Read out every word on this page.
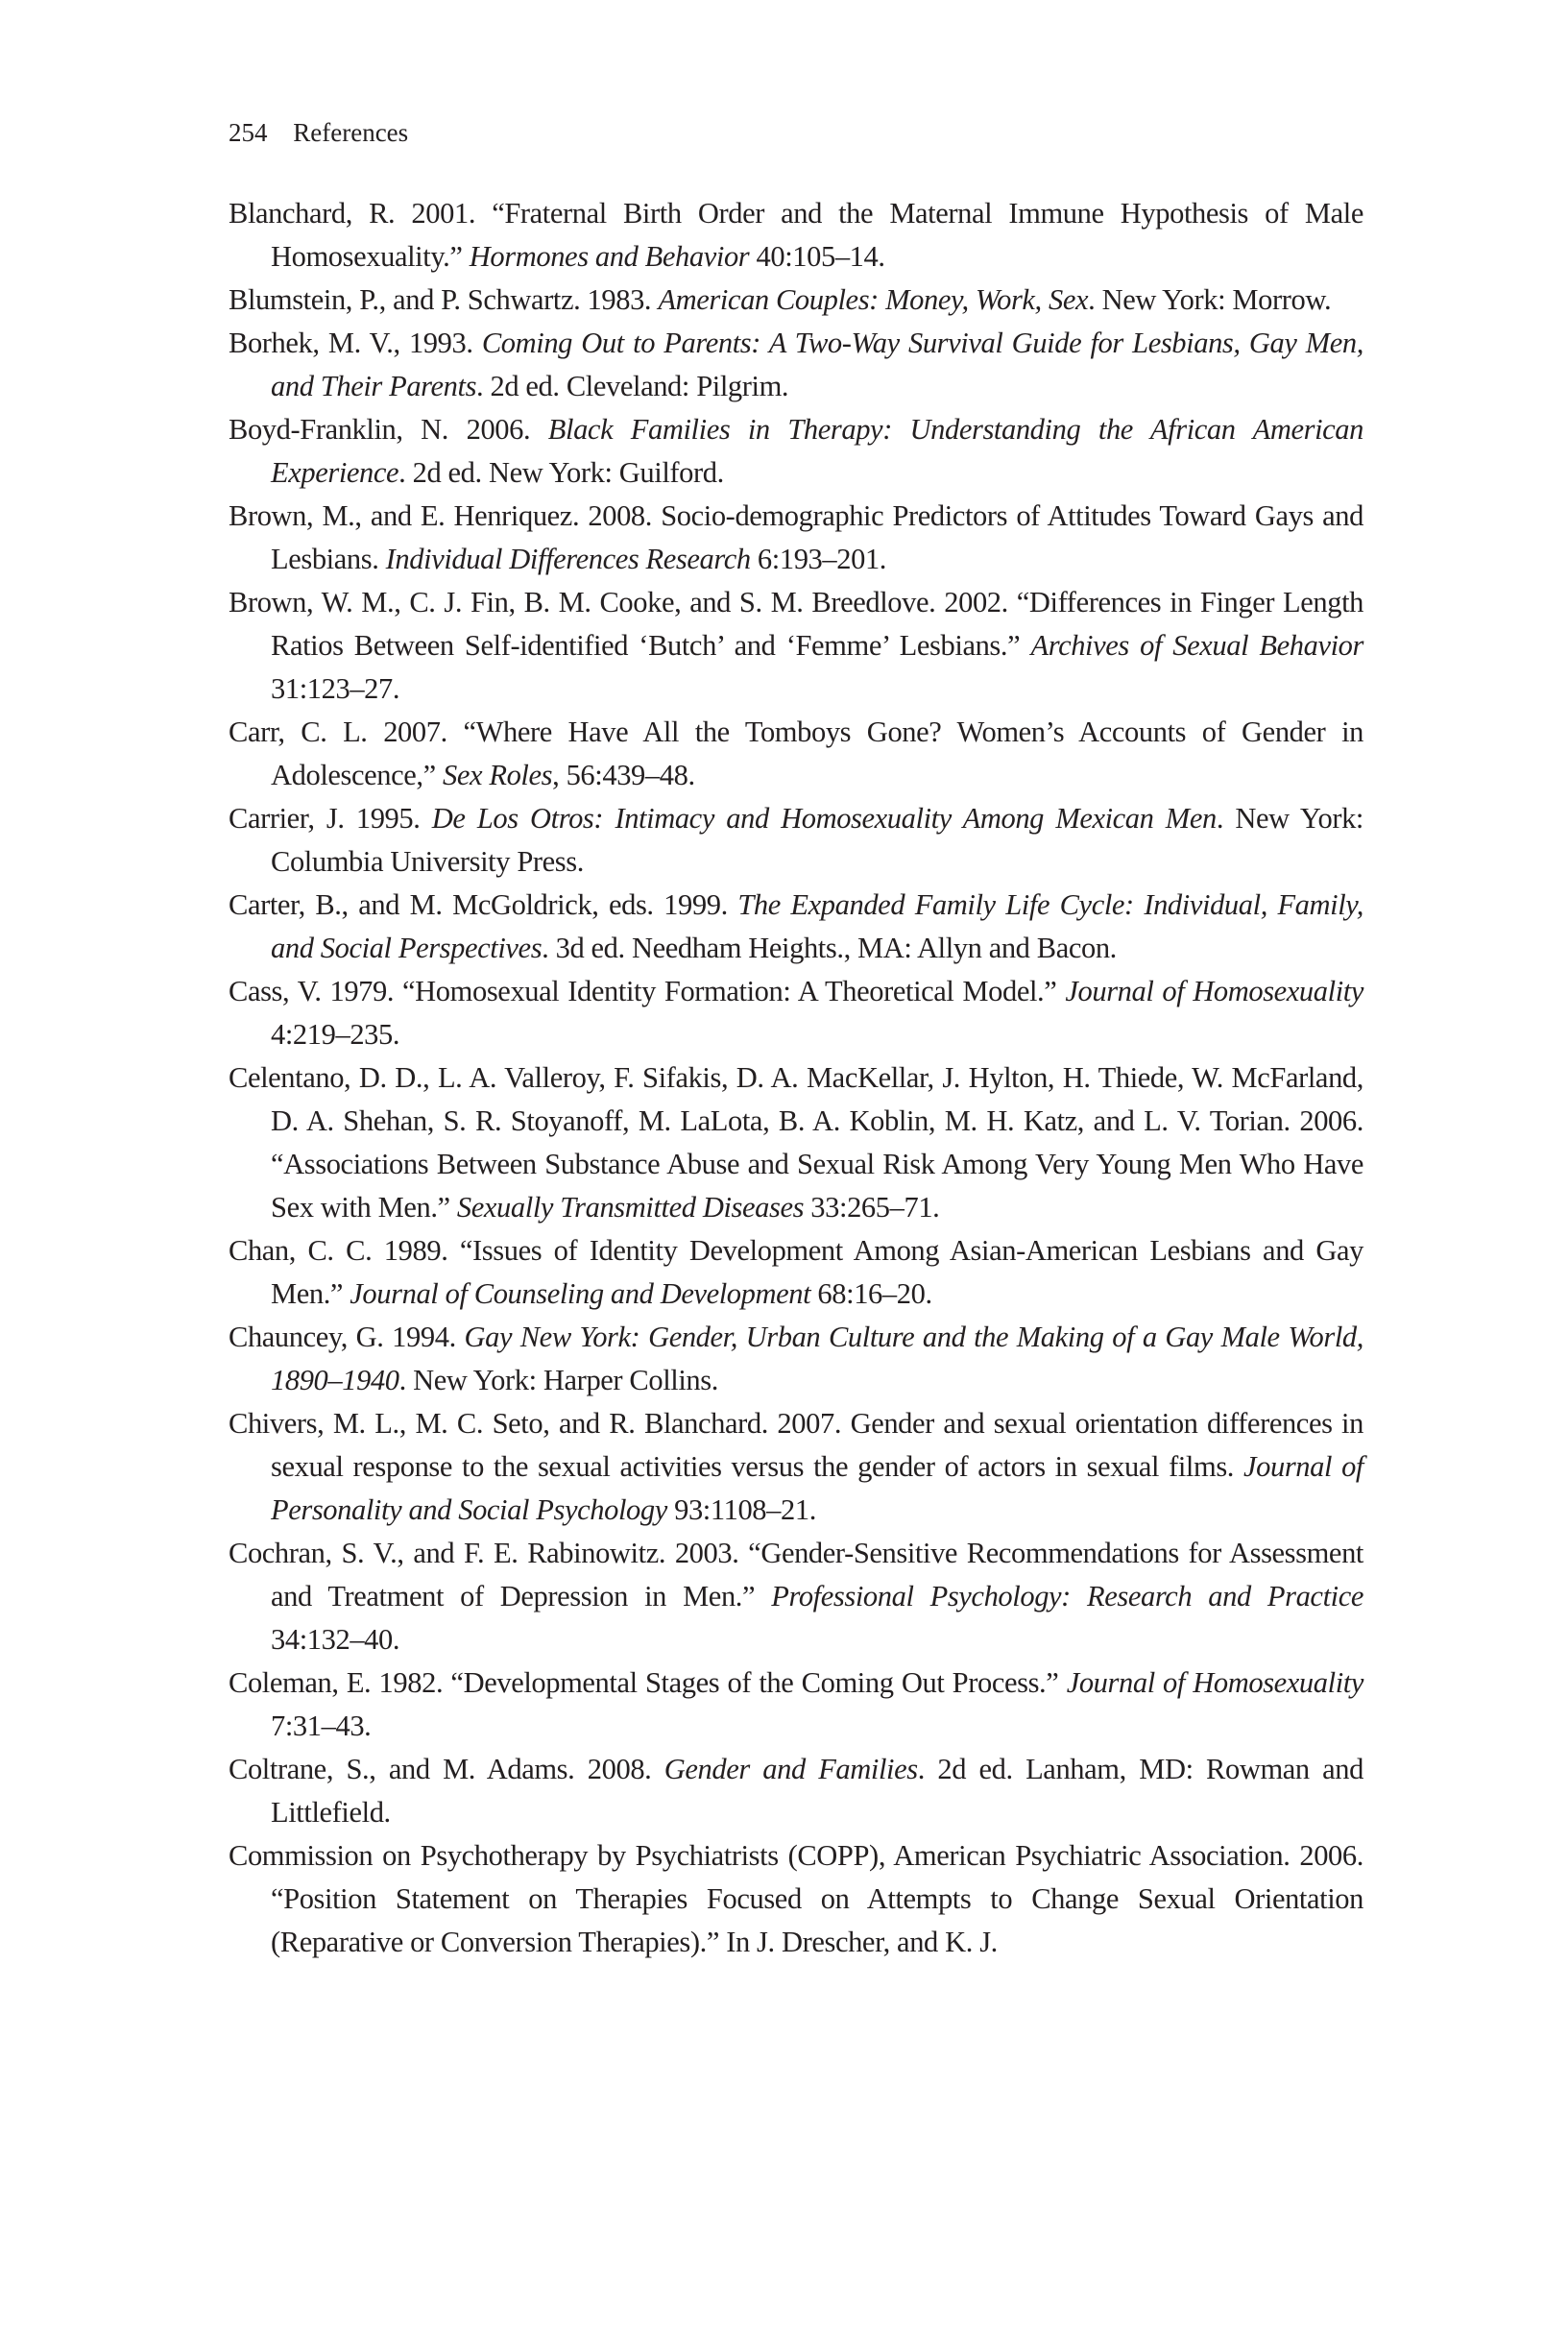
254 References

Blanchard, R. 2001. “Fraternal Birth Order and the Maternal Immune Hypothesis of Male Homosexuality.” Hormones and Behavior 40:105–14.

Blumstein, P., and P. Schwartz. 1983. American Couples: Money, Work, Sex. New York: Morrow.

Borhek, M. V., 1993. Coming Out to Parents: A Two-Way Survival Guide for Lesbians, Gay Men, and Their Parents. 2d ed. Cleveland: Pilgrim.

Boyd-Franklin, N. 2006. Black Families in Therapy: Understanding the African American Experience. 2d ed. New York: Guilford.

Brown, M., and E. Henriquez. 2008. Socio-demographic Predictors of Attitudes Toward Gays and Lesbians. Individual Differences Research 6:193–201.

Brown, W. M., C. J. Fin, B. M. Cooke, and S. M. Breedlove. 2002. “Differences in Finger Length Ratios Between Self-identified ‘Butch’ and ‘Femme’ Lesbians.” Archives of Sexual Behavior 31:123–27.

Carr, C. L. 2007. “Where Have All the Tomboys Gone? Women’s Accounts of Gender in Adolescence,” Sex Roles, 56:439–48.

Carrier, J. 1995. De Los Otros: Intimacy and Homosexuality Among Mexican Men. New York: Columbia University Press.

Carter, B., and M. McGoldrick, eds. 1999. The Expanded Family Life Cycle: Individual, Family, and Social Perspectives. 3d ed. Needham Heights., MA: Allyn and Bacon.

Cass, V. 1979. “Homosexual Identity Formation: A Theoretical Model.” Journal of Homosexuality 4:219–235.

Celentano, D. D., L. A. Valleroy, F. Sifakis, D. A. MacKellar, J. Hylton, H. Thiede, W. McFarland, D. A. Shehan, S. R. Stoyanoff, M. LaLota, B. A. Koblin, M. H. Katz, and L. V. Torian. 2006. “Associations Between Substance Abuse and Sexual Risk Among Very Young Men Who Have Sex with Men.” Sexually Transmitted Diseases 33:265–71.

Chan, C. C. 1989. “Issues of Identity Development Among Asian-American Lesbians and Gay Men.” Journal of Counseling and Development 68:16–20.

Chauncey, G. 1994. Gay New York: Gender, Urban Culture and the Making of a Gay Male World, 1890–1940. New York: Harper Collins.

Chivers, M. L., M. C. Seto, and R. Blanchard. 2007. Gender and sexual orientation differences in sexual response to the sexual activities versus the gender of actors in sexual films. Journal of Personality and Social Psychology 93:1108–21.

Cochran, S. V., and F. E. Rabinowitz. 2003. “Gender-Sensitive Recommendations for Assessment and Treatment of Depression in Men.” Professional Psychology: Research and Practice 34:132–40.

Coleman, E. 1982. “Developmental Stages of the Coming Out Process.” Journal of Homosexuality 7:31–43.

Coltrane, S., and M. Adams. 2008. Gender and Families. 2d ed. Lanham, MD: Rowman and Littlefield.

Commission on Psychotherapy by Psychiatrists (COPP), American Psychiatric Association. 2006. “Position Statement on Therapies Focused on Attempts to Change Sexual Orientation (Reparative or Conversion Therapies).” In J. Drescher, and K. J.
